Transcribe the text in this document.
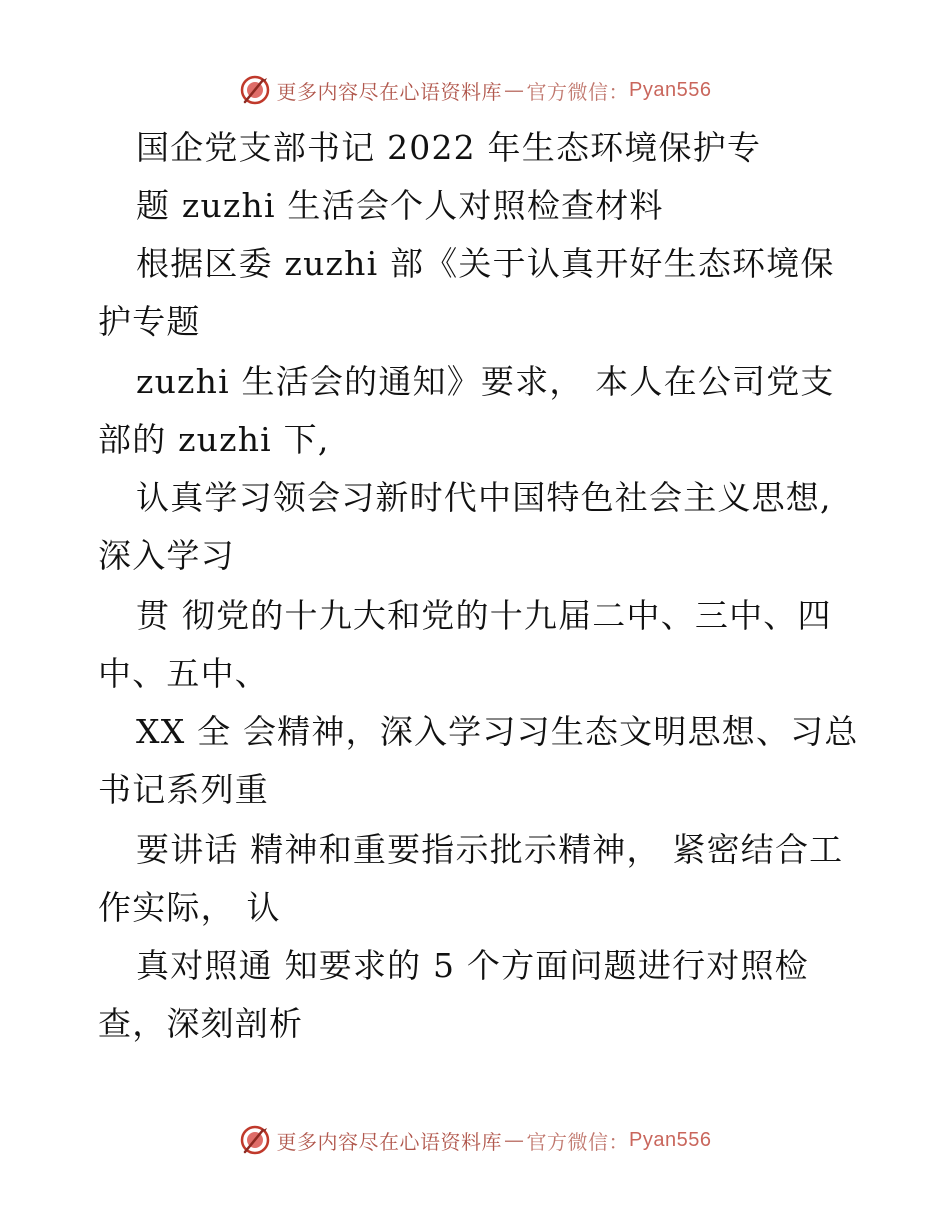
更多内容尽在心语资料库 — 官方微信： Pyan556
国企党支部书记 2022 年生态环境保护专
题 zuzhi 生活会个人对照检查材料
根据区委 zuzhi 部《关于认真开好生态环境保
护专题
zuzhi 生活会的通知》要求， 本人在公司党支
部的 zuzhi 下,
认真学习领会习新时代中国特色社会主义思想,
深入学习
贯 彻党的十九大和党的十九届二中、三中、四
中、五中、
XX 全 会精神，深入学习习生态文明思想、习总
书记系列重
要讲话 精神和重要指示批示精神， 紧密结合工
作实际， 认
真对照通 知要求的 5 个方面问题进行对照检
查，深刻剖析
更多内容尽在心语资料库 — 官方微信： Pyan556
